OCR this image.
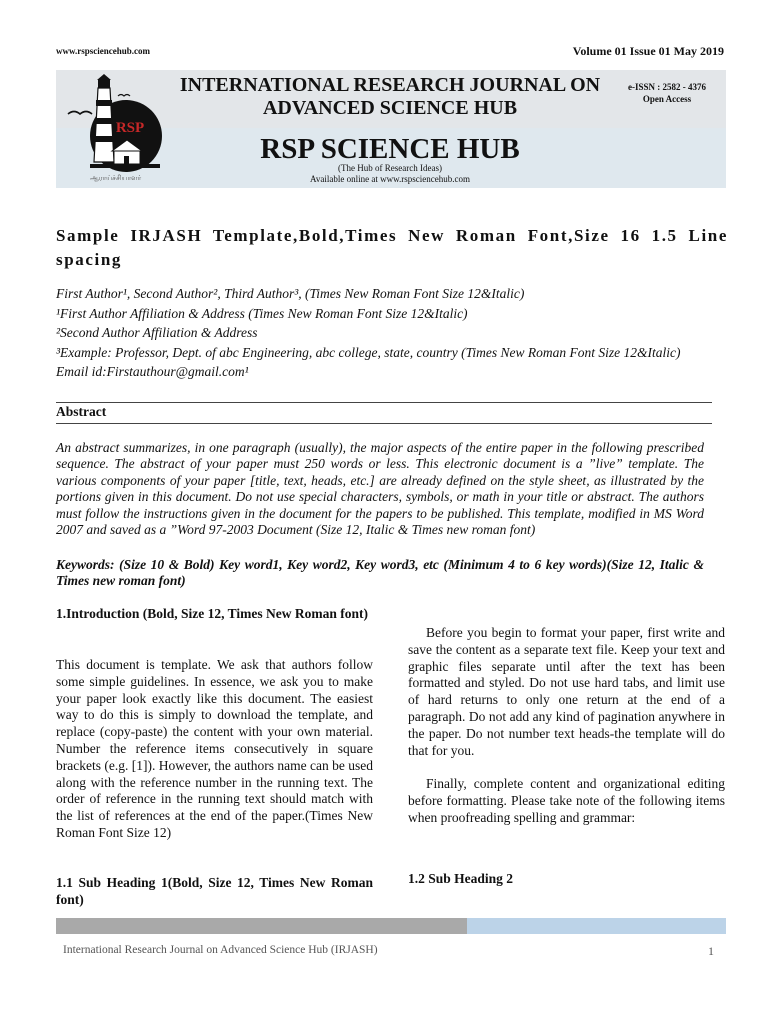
www.rspsciencehub.com	Volume 01 Issue 01 May 2019
RSP
ஆராய்ச்சியாளர்
INTERNATIONAL RESEARCH JOURNAL ON
ADVANCED SCIENCE HUB
e-ISSN : 2582 - 4376
Open Access
RSP SCIENCE HUB
(The Hub of Research Ideas)
Available online at www.rspsciencehub.com
Sample IRJASH Template,Bold,Times New Roman Font,Size 16 1.5 Line spacing
First Author¹, Second Author², Third Author³, (Times New Roman Font Size 12&Italic)
¹First Author Affiliation & Address (Times New Roman Font Size 12&Italic)
²Second Author Affiliation & Address
³Example: Professor, Dept. of abc Engineering, abc college, state, country (Times New Roman Font Size 12&Italic)
Email id:Firstauthour@gmail.com¹
Abstract
An abstract summarizes, in one paragraph (usually), the major aspects of the entire paper in the following prescribed sequence. The abstract of your paper must 250 words or less. This electronic document is a ”live” template. The various components of your paper [title, text, heads, etc.] are already defined on the style sheet, as illustrated by the portions given in this document. Do not use special characters, symbols, or math in your title or abstract. The authors must follow the instructions given in the document for the papers to be published. This template, modified in MS Word 2007 and saved as a ”Word 97-2003 Document (Size 12, Italic & Times new roman font)
Keywords: (Size 10 & Bold) Key word1, Key word2, Key word3, etc (Minimum 4 to 6 key words)(Size 12, Italic & Times new roman font)
1.Introduction (Bold, Size 12, Times New Roman font)
This document is template. We ask that authors follow some simple guidelines. In essence, we ask you to make your paper look exactly like this document. The easiest way to do this is simply to download the template, and replace (copy-paste) the content with your own material. Number the reference items consecutively in square brackets (e.g. [1]). However, the authors name can be used along with the reference number in the running text. The order of reference in the running text should match with the list of references at the end of the paper.(Times New Roman Font Size 12)
1.1 Sub Heading 1(Bold, Size 12, Times New Roman font)
Before you begin to format your paper, first write and save the content as a separate text file. Keep your text and graphic files separate until after the text has been formatted and styled. Do not use hard tabs, and limit use of hard returns to only one return at the end of a paragraph. Do not add any kind of pagination anywhere in the paper. Do not number text heads-the template will do that for you.
Finally, complete content and organizational editing before formatting. Please take note of the following items when proofreading spelling and grammar:
1.2 Sub Heading 2
International Research Journal on Advanced Science Hub (IRJASH)	1
